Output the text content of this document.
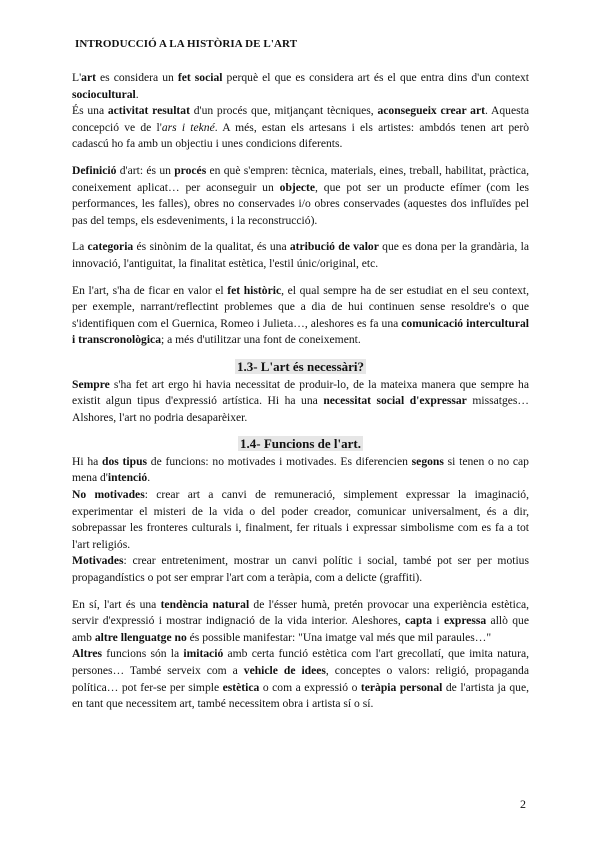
INTRODUCCIÓ A LA HISTÒRIA DE L'ART

L'art es considera un fet social perquè el que es considera art és el que entra dins d'un context sociocultural.

És una activitat resultat d'un procés que, mitjançant tècniques, aconsegueix crear art. Aquesta concepció ve de l'ars i tekné. A més, estan els artesans i els artistes: ambdós tenen art però cadascú ho fa amb un objectiu i unes condicions diferents.

Definició d'art: és un procés en què s'empren: tècnica, materials, eines, treball, habilitat, pràctica, coneixement aplicat… per aconseguir un objecte, que pot ser un producte efímer (com les performances, les falles), obres no conservades i/o obres conservades (aquestes dos influïdes pel pas del temps, els esdeveniments, i la reconstrucció).

La categoria és sinònim de la qualitat, és una atribució de valor que es dona per la grandària, la innovació, l'antiguitat, la finalitat estètica, l'estil únic/original, etc.

En l'art, s'ha de ficar en valor el fet històric, el qual sempre ha de ser estudiat en el seu context, per exemple, narrant/reflectint problemes que a dia de hui continuen sense resoldre's o que s'identifiquen com el Guernica, Romeo i Julieta…, aleshores es fa una comunicació intercultural i transcronològica; a més d'utilitzar una font de coneixement.

1.3- L'art és necessàri?

Sempre s'ha fet art ergo hi havia necessitat de produir-lo, de la mateixa manera que sempre ha existit algun tipus d'expressió artística. Hi ha una necessitat social d'expressar missatges… Alshores, l'art no podria desaparèixer.

1.4- Funcions de l'art.

Hi ha dos tipus de funcions: no motivades i motivades. Es diferencien segons si tenen o no cap mena d'intenció.

No motivades: crear art a canvi de remuneració, simplement expressar la imaginació, experimentar el misteri de la vida o del poder creador, comunicar universalment, és a dir, sobrepassar les fronteres culturals i, finalment, fer rituals i expressar simbolisme com es fa a tot l'art religiós.

Motivades: crear entreteniment, mostrar un canvi polític i social, també pot ser per motius propagandístics o pot ser emprar l'art com a teràpia, com a delicte (graffiti).

En sí, l'art és una tendència natural de l'ésser humà, pretén provocar una experiència estètica, servir d'expressió i mostrar indignació de la vida interior. Aleshores, capta i expressa allò que amb altre llenguatge no és possible manifestar: "Una imatge val més que mil paraules…"

Altres funcions són la imitació amb certa funció estètica com l'art grecollatí, que imita natura, persones… També serveix com a vehicle de idees, conceptes o valors: religió, propaganda política… pot fer-se per simple estètica o com a expressió o teràpia personal de l'artista ja que, en tant que necessitem art, també necessitem obra i artista sí o sí.

2
